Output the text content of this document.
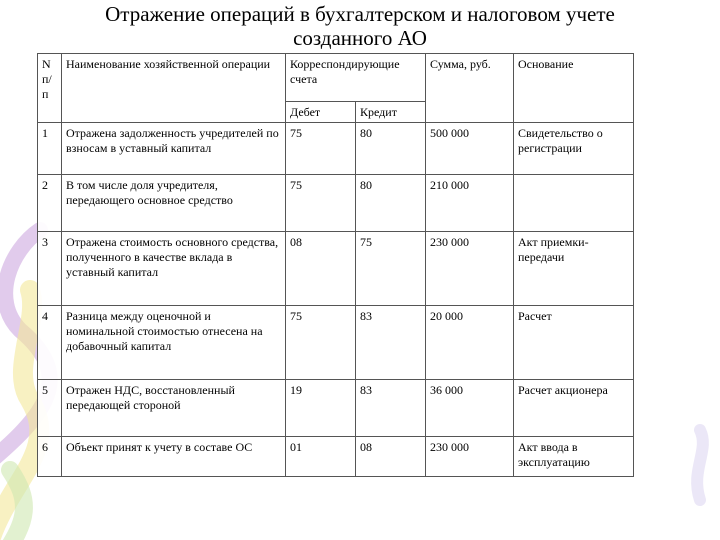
Отражение операций в бухгалтерском и налоговом учете
созданного АО
N п/п	Наименование хозяйственной операции	Корреспондирующие счета		Сумма, руб.	Основание
		Дебет	Кредит		
1	Отражена задолженность учредителей по взносам в уставный капитал	75	80	500 000	Свидетельство о регистрации
2	В том числе доля учредителя, передающего основное средство	75	80	210 000	
3	Отражена стоимость основного средства, полученного в качестве вклада в уставный капитал	08	75	230 000	Акт приемки-передачи
4	Разница между оценочной и номинальной стоимостью отнесена на добавочный капитал	75	83	20 000	Расчет
5	Отражен НДС, восстановленный передающей стороной	19	83	36 000	Расчет акционера
6	Объект принят к учету в составе ОС	01	08	230 000	Акт ввода в эксплуатацию
